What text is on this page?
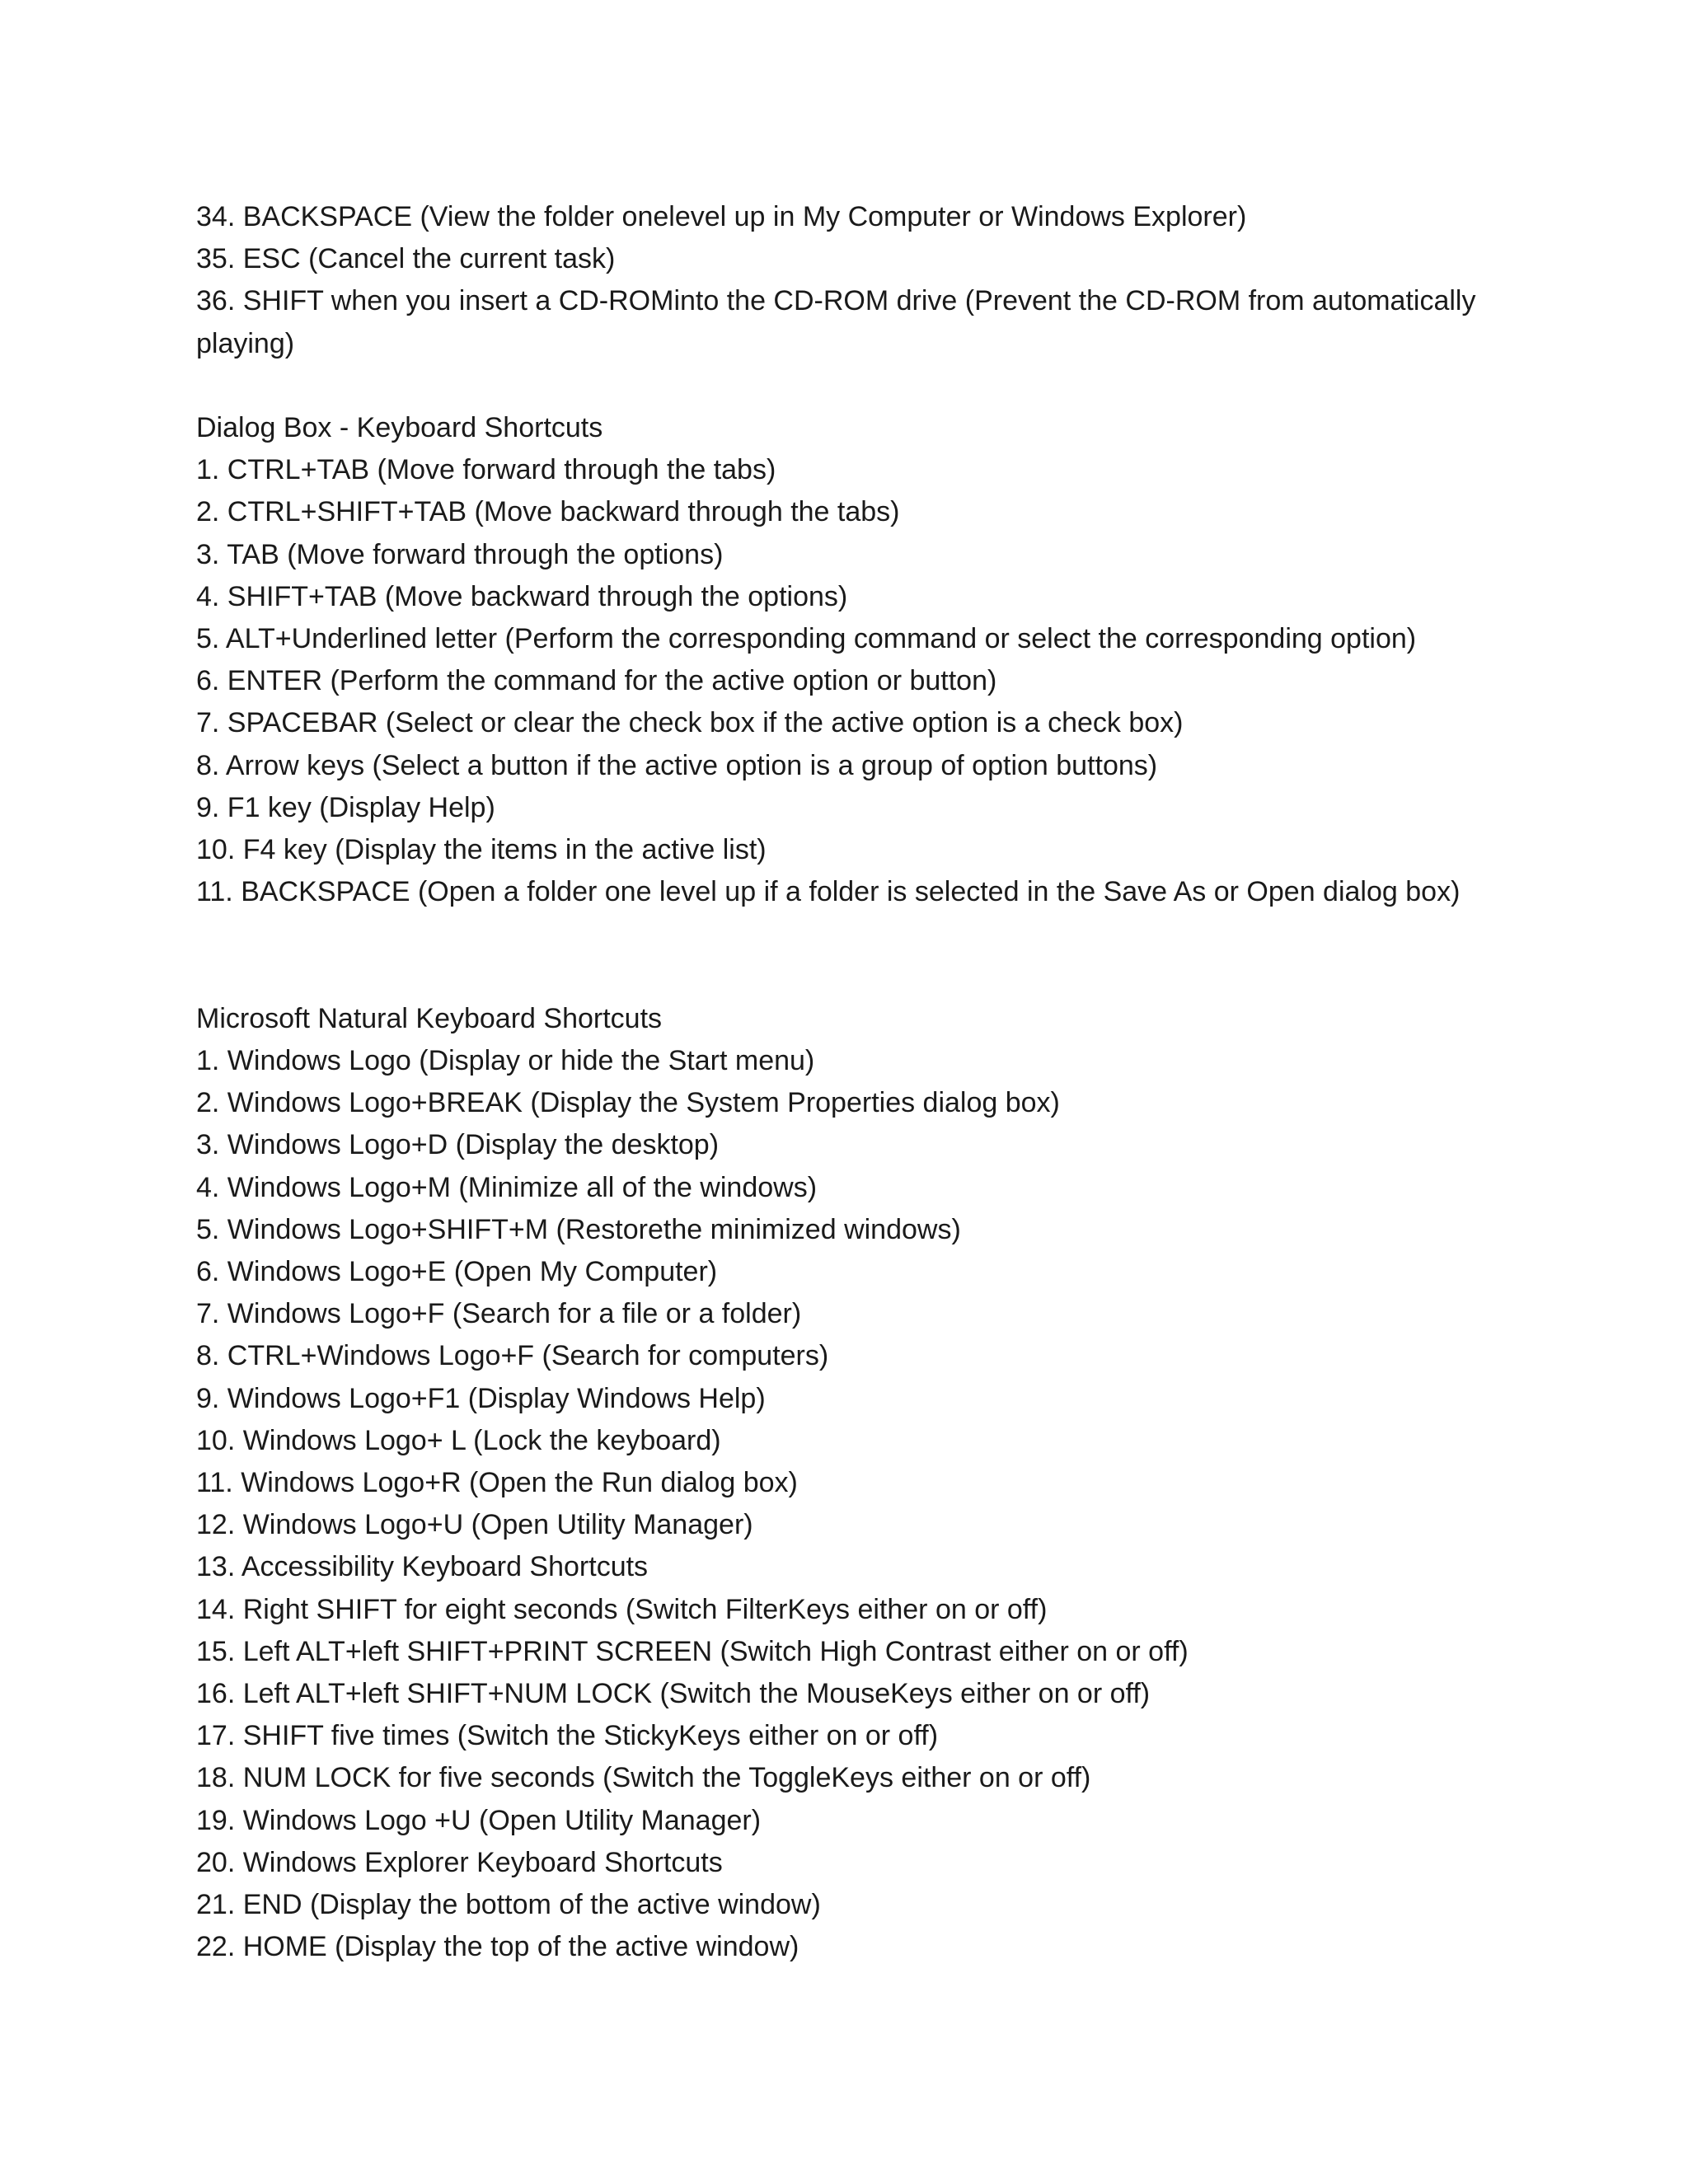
34. BACKSPACE (View the folder onelevel up in My Computer or Windows Explorer)
35. ESC (Cancel the current task)
36. SHIFT when you insert a CD-ROMinto the CD-ROM drive (Prevent the CD-ROM from automatically playing)
Dialog Box - Keyboard Shortcuts
1. CTRL+TAB (Move forward through the tabs)
2. CTRL+SHIFT+TAB (Move backward through the tabs)
3. TAB (Move forward through the options)
4. SHIFT+TAB (Move backward through the options)
5. ALT+Underlined letter (Perform the corresponding command or select the corresponding option)
6. ENTER (Perform the command for the active option or button)
7. SPACEBAR (Select or clear the check box if the active option is a check box)
8. Arrow keys (Select a button if the active option is a group of option buttons)
9. F1 key (Display Help)
10. F4 key (Display the items in the active list)
11. BACKSPACE (Open a folder one level up if a folder is selected in the Save As or Open dialog box)
Microsoft Natural Keyboard Shortcuts
1. Windows Logo (Display or hide the Start menu)
2. Windows Logo+BREAK (Display the System Properties dialog box)
3. Windows Logo+D (Display the desktop)
4. Windows Logo+M (Minimize all of the windows)
5. Windows Logo+SHIFT+M (Restorethe minimized windows)
6. Windows Logo+E (Open My Computer)
7. Windows Logo+F (Search for a file or a folder)
8. CTRL+Windows Logo+F (Search for computers)
9. Windows Logo+F1 (Display Windows Help)
10. Windows Logo+ L (Lock the keyboard)
11. Windows Logo+R (Open the Run dialog box)
12. Windows Logo+U (Open Utility Manager)
13. Accessibility Keyboard Shortcuts
14. Right SHIFT for eight seconds (Switch FilterKeys either on or off)
15. Left ALT+left SHIFT+PRINT SCREEN (Switch High Contrast either on or off)
16. Left ALT+left SHIFT+NUM LOCK (Switch the MouseKeys either on or off)
17. SHIFT five times (Switch the StickyKeys either on or off)
18. NUM LOCK for five seconds (Switch the ToggleKeys either on or off)
19. Windows Logo +U (Open Utility Manager)
20. Windows Explorer Keyboard Shortcuts
21. END (Display the bottom of the active window)
22. HOME (Display the top of the active window)
